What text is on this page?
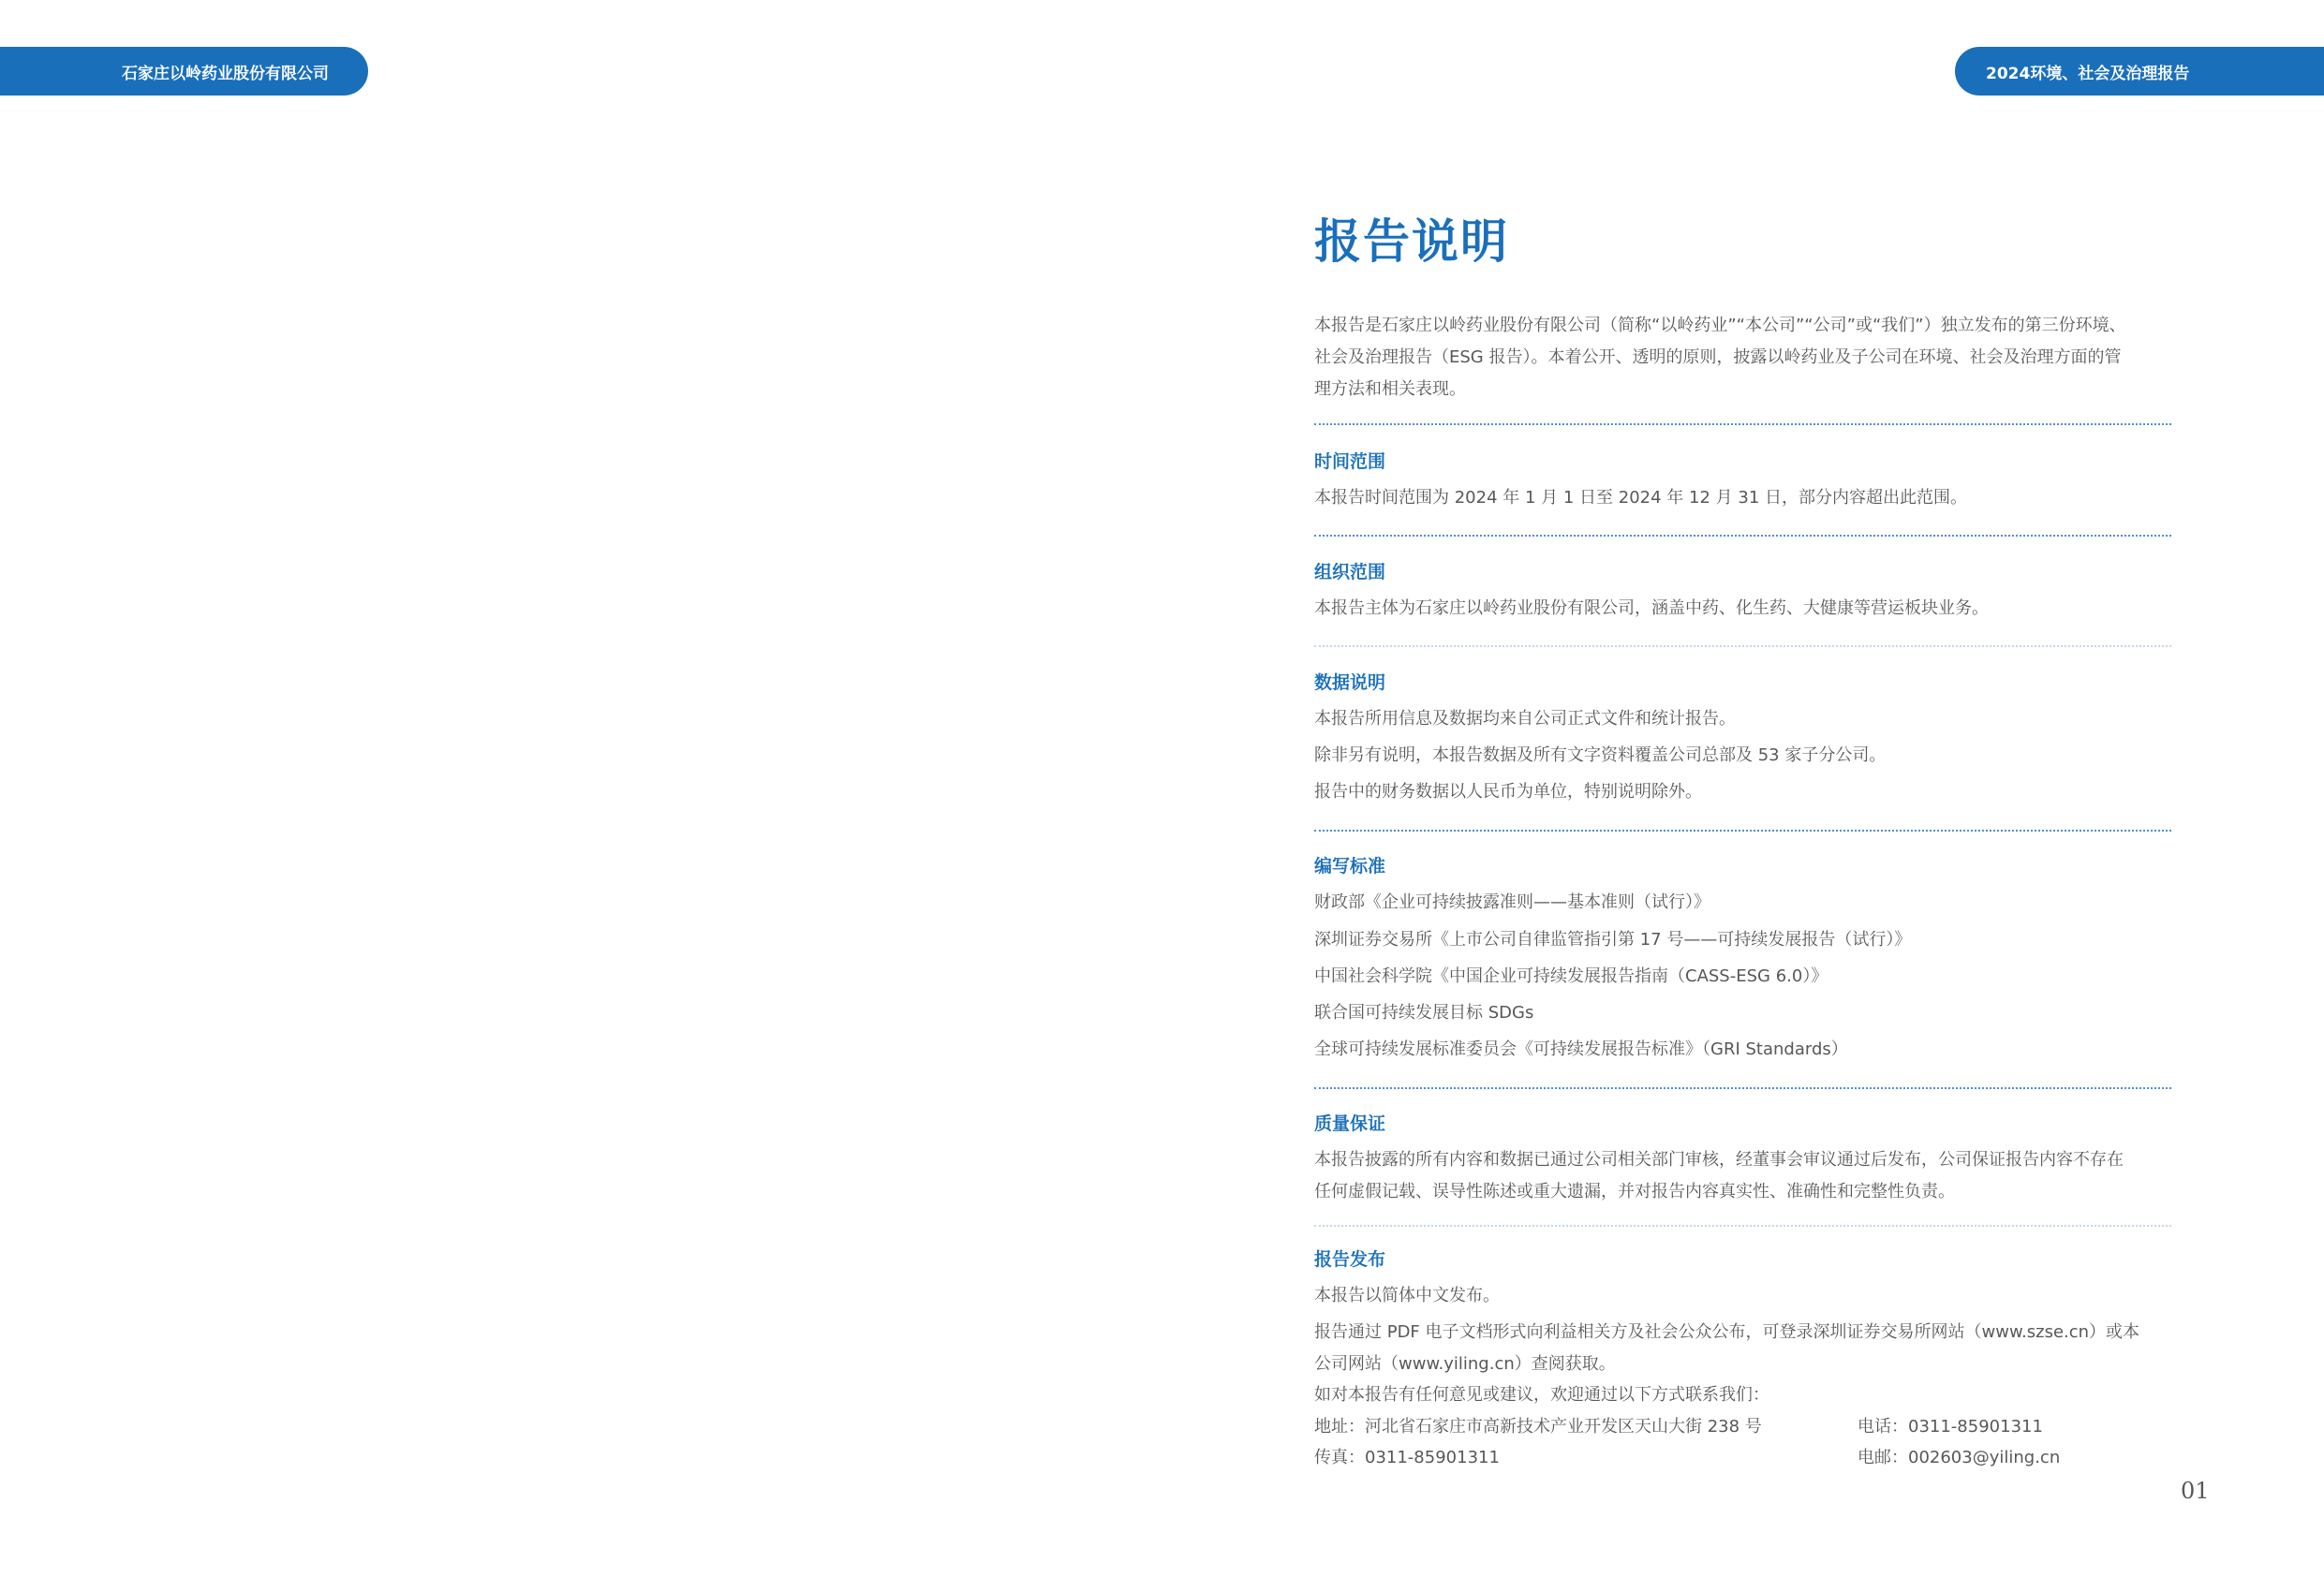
石家庄以岭药业股份有限公司	2024环境、社会及治理报告
报告说明
本报告是石家庄以岭药业股份有限公司（简称“以岭药业”“本公司”“公司”或“我们”）独立发布的第三份环境、
社会及治理报告（ESG 报告）。本着公开、透明的原则，披露以岭药业及子公司在环境、社会及治理方面的管
理方法和相关表现。
时间范围
本报告时间范围为 2024 年 1 月 1 日至 2024 年 12 月 31 日，部分内容超出此范围。
组织范围
本报告主体为石家庄以岭药业股份有限公司，涵盖中药、化生药、大健康等营运板块业务。
数据说明
本报告所用信息及数据均来自公司正式文件和统计报告。
除非另有说明，本报告数据及所有文字资料覆盖公司总部及 53 家子分公司。
报告中的财务数据以人民币为单位，特别说明除外。
编写标准
财政部《企业可持续披露准则——基本准则（试行）》
深圳证券交易所《上市公司自律监管指引第 17 号——可持续发展报告（试行）》
中国社会科学院《中国企业可持续发展报告指南（CASS-ESG 6.0）》
联合国可持续发展目标 SDGs
全球可持续发展标准委员会《可持续发展报告标准》（GRI Standards）
质量保证
本报告披露的所有内容和数据已通过公司相关部门审核，经董事会审议通过后发布，公司保证报告内容不存在
任何虚假记载、误导性陈述或重大遗漏，并对报告内容真实性、准确性和完整性负责。
报告发布
本报告以简体中文发布。
报告通过 PDF 电子文档形式向利益相关方及社会公众公布，可登录深圳证券交易所网站（www.szse.cn）或本
公司网站（www.yiling.cn）查阅获取。
如对本报告有任何意见或建议，欢迎通过以下方式联系我们：
地址：河北省石家庄市高新技术产业开发区天山大街 238 号	电话：0311-85901311
传真：0311-85901311	电邮：002603@yiling.cn
01
